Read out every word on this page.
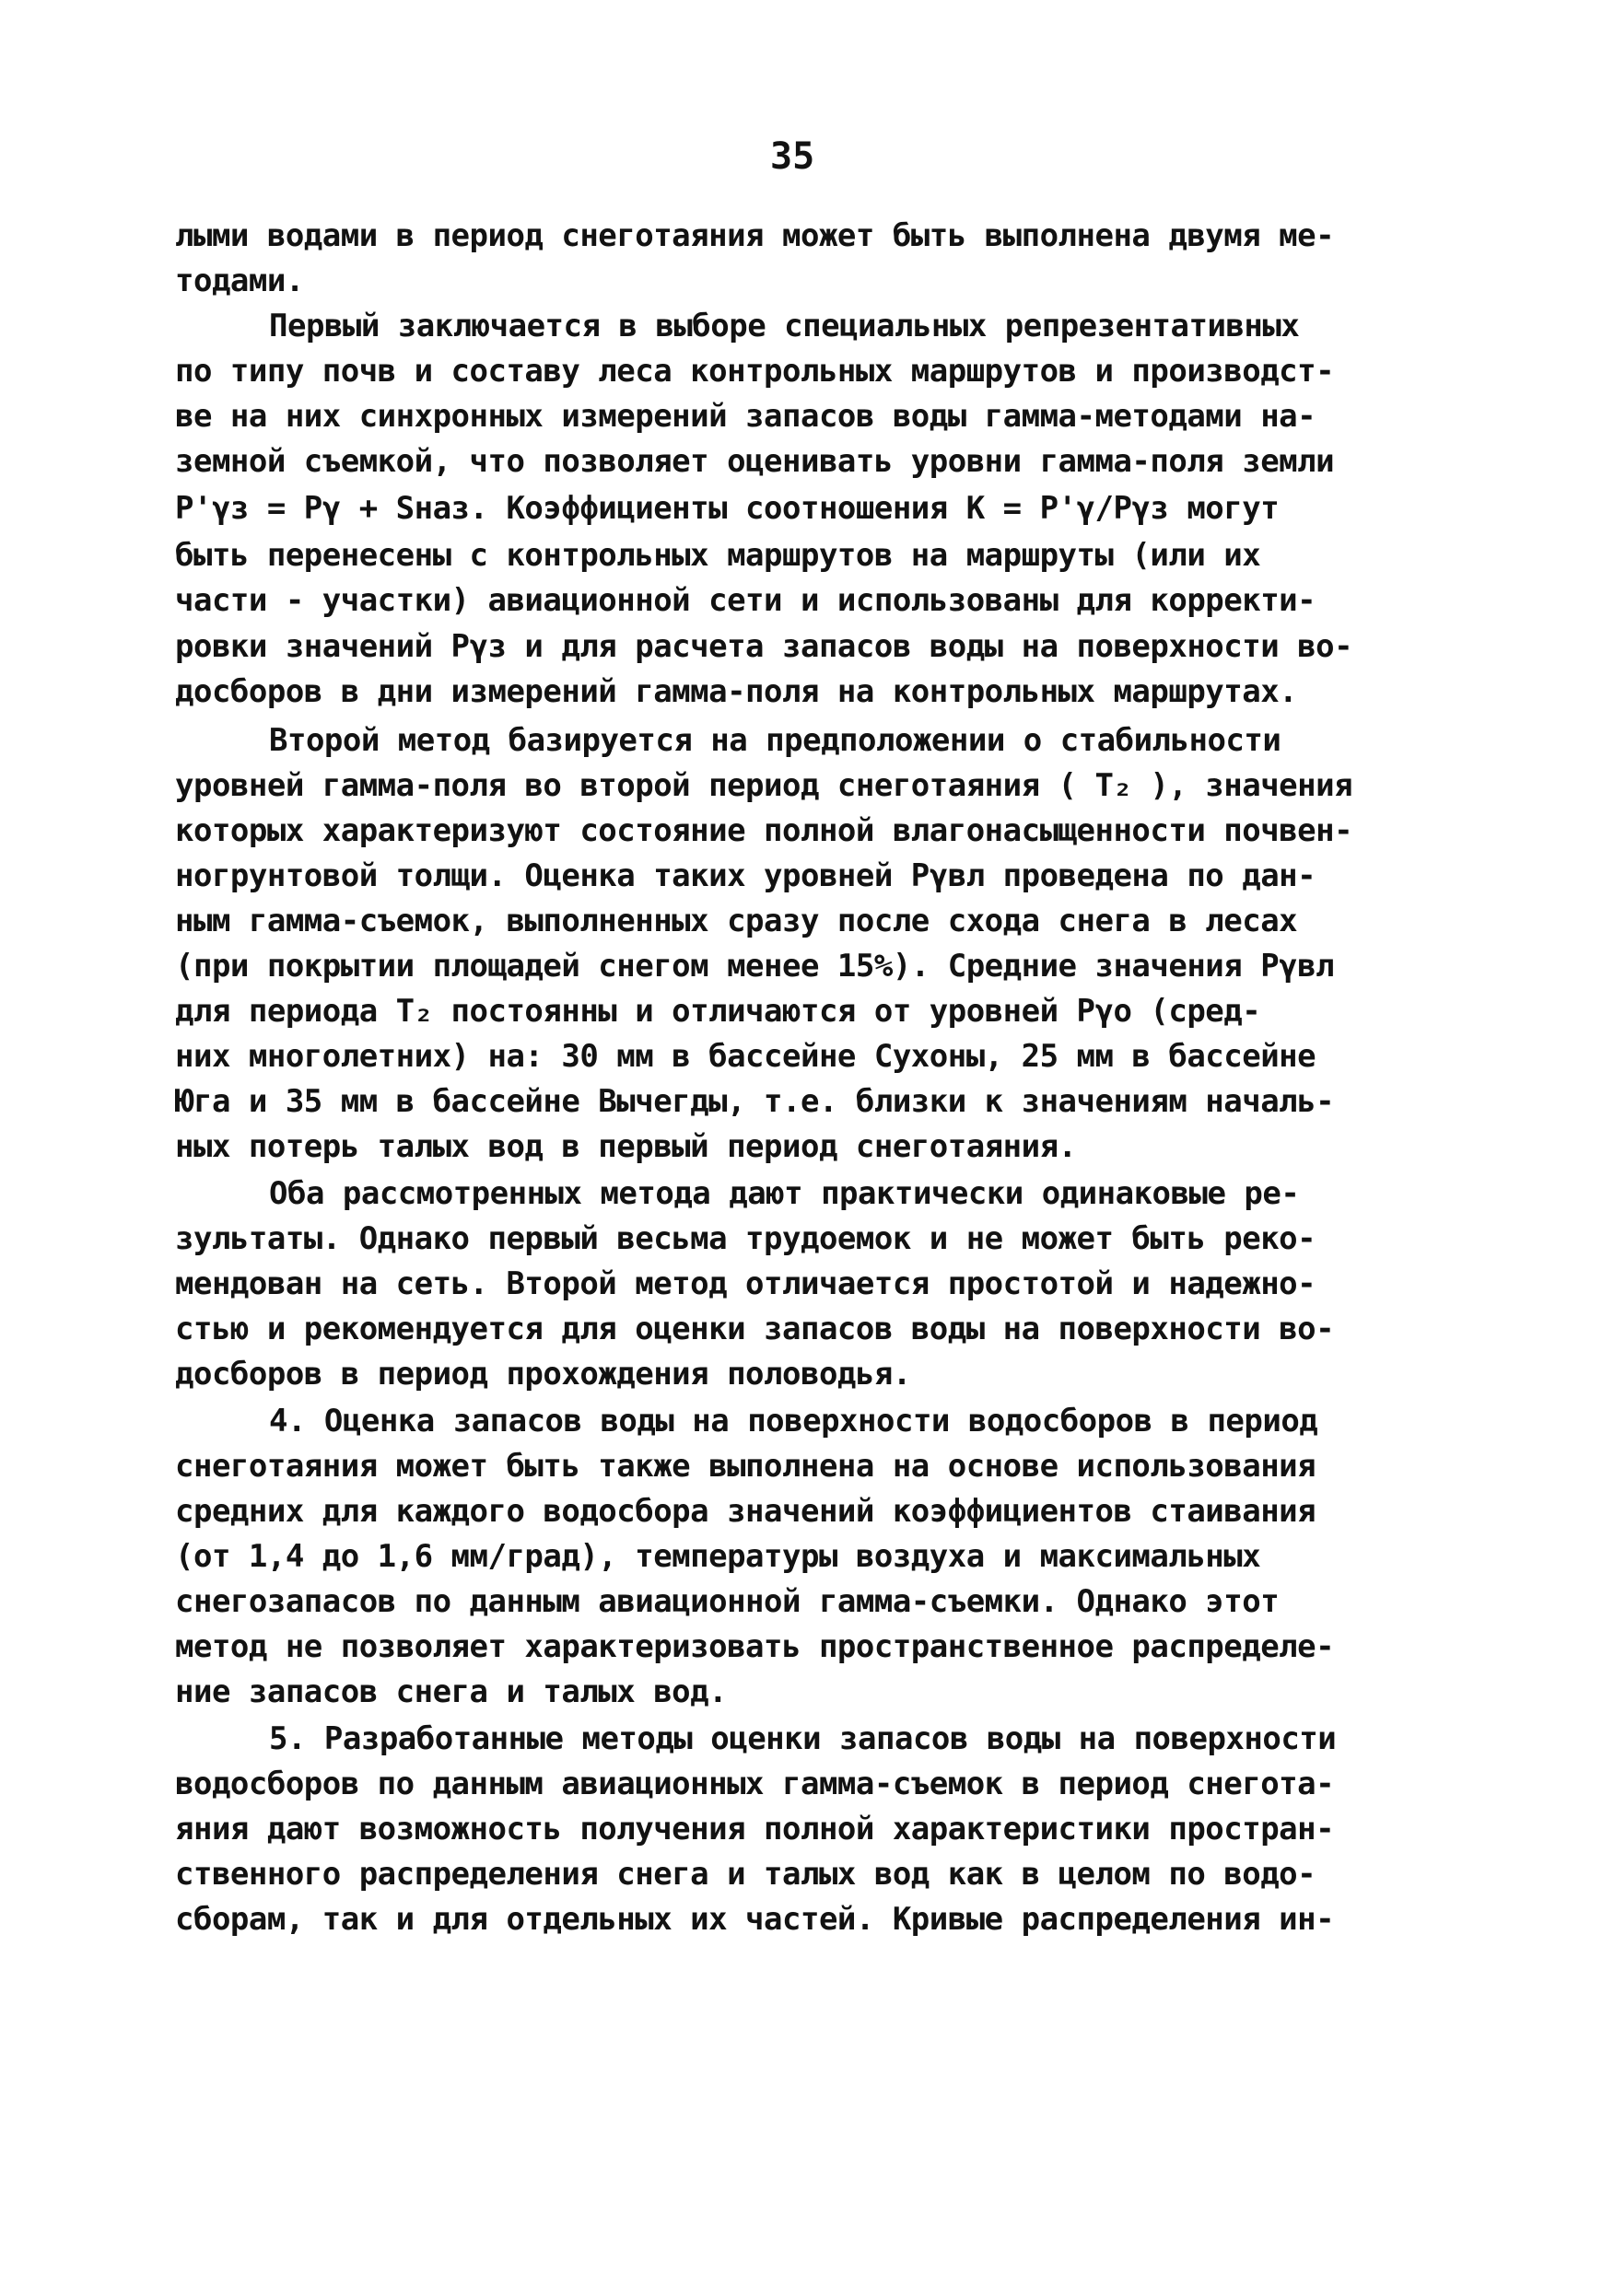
35
лыми водами в период снеготаяния может быть выполнена двумя ме-
тодами.
Первый заключается в выборе специальных репрезентативных
по типу почв и составу леса контрольных маршрутов и производст-
ве на них синхронных измерений запасов воды гамма-методами на-
земной съемкой, что позволяет оценивать уровни гамма-поля земли
P'γз = Pγ + Sназ. Коэффициенты соотношения K = P'γ/Pγз могут
быть перенесены с контрольных маршрутов на маршруты (или их
части - участки) авиационной сети и использованы для корректи-
ровки значений Pγз и для расчета запасов воды на поверхности во-
досборов в дни измерений гамма-поля на контрольных маршрутах.
Второй метод базируется на предположении о стабильности
уровней гамма-поля во второй период снеготаяния ( T₂ ), значения
которых характеризуют состояние полной влагонасыщенности почвен-
ногрунтовой толщи. Оценка таких уровней Pγвл проведена по дан-
ным гамма-съемок, выполненных сразу после схода снега в лесах
(при покрытии площадей снегом менее 15%). Средние значения Pγвл
для периода T₂ постоянны и отличаются от уровней Pγо (сред-
них многолетних) на: 30 мм в бассейне Сухоны, 25 мм в бассейне
Юга и 35 мм в бассейне Вычегды, т.е. близки к значениям началь-
ных потерь талых вод в первый период снеготаяния.
Оба рассмотренных метода дают практически одинаковые ре-
зультаты. Однако первый весьма трудоемок и не может быть реко-
мендован на сеть. Второй метод отличается простотой и надежно-
стью и рекомендуется для оценки запасов воды на поверхности во-
досборов в период прохождения половодья.
4. Оценка запасов воды на поверхности водосборов в период
снеготаяния может быть также выполнена на основе использования
средних для каждого водосбора значений коэффициентов стаивания
(от 1,4 до 1,6 мм/град), температуры воздуха и максимальных
снегозапасов по данным авиационной гамма-съемки. Однако этот
метод не позволяет характеризовать пространственное распределе-
ние запасов снега и талых вод.
5. Разработанные методы оценки запасов воды на поверхности
водосборов по данным авиационных гамма-съемок в период снегота-
яния дают возможность получения полной характеристики простран-
ственного распределения снега и талых вод как в целом по водо-
сборам, так и для отдельных их частей. Кривые распределения ин-
